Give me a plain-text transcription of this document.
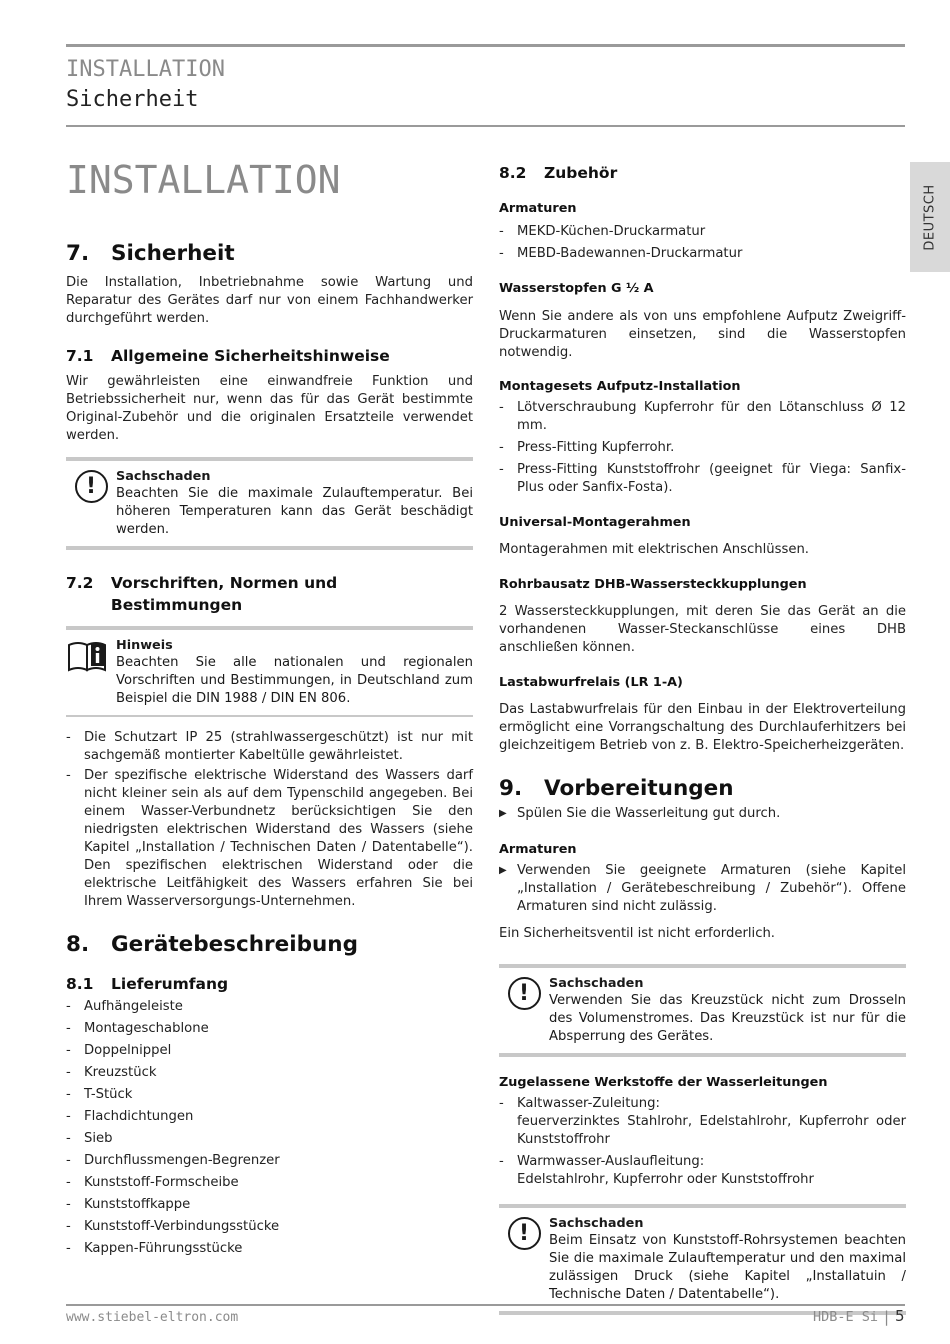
INSTALLATION
Sicherheit
DEUTSCH
INSTALLATION
7.	Sicherheit
Die Installation, Inbetriebnahme sowie Wartung und Reparatur des Gerätes darf nur von einem Fachhandwerker durchgeführt werden.
7.1	Allgemeine Sicherheitshinweise
Wir gewährleisten eine einwandfreie Funktion und Betriebssicherheit nur, wenn das für das Gerät bestimmte Original-Zubehör und die originalen Ersatzteile verwendet werden.
!	Sachschaden
Beachten Sie die maximale Zulauftemperatur. Bei höheren Temperaturen kann das Gerät beschädigt werden.
7.2	Vorschriften, Normen und Bestimmungen
Hinweis
Beachten Sie alle nationalen und regionalen Vorschriften und Bestimmungen, in Deutschland zum Beispiel die DIN 1988 / DIN EN 806.
-	Die Schutzart IP 25 (strahlwassergeschützt) ist nur mit sachgemäß montierter Kabeltülle gewährleistet.
-	Der spezifische elektrische Widerstand des Wassers darf nicht kleiner sein als auf dem Typenschild angegeben. Bei einem Wasser-Verbundnetz berücksichtigen Sie den niedrigsten elektrischen Widerstand des Wassers (siehe Kapitel „Installation / Technischen Daten / Datentabelle“). Den spezifischen elektrischen Widerstand oder die elektrische Leitfähigkeit des Wassers erfahren Sie bei Ihrem Wasserversorgungs-Unternehmen.
8.	Gerätebeschreibung
8.1	Lieferumfang
-	Aufhängeleiste
-	Montageschablone
-	Doppelnippel
-	Kreuzstück
-	T-Stück
-	Flachdichtungen
-	Sieb
-	Durchflussmengen-Begrenzer
-	Kunststoff-Formscheibe
-	Kunststoffkappe
-	Kunststoff-Verbindungsstücke
-	Kappen-Führungsstücke
8.2	Zubehör
Armaturen
-	MEKD-Küchen-Druckarmatur
-	MEBD-Badewannen-Druckarmatur
Wasserstopfen G ½ A
Wenn Sie andere als von uns empfohlene Aufputz Zweigriff-Druckarmaturen einsetzen, sind die Wasserstopfen notwendig.
Montagesets Aufputz-Installation
-	Lötverschraubung Kupferrohr für den Lötanschluss Ø 12 mm.
-	Press-Fitting Kupferrohr.
-	Press-Fitting Kunststoffrohr (geeignet für Viega: Sanfix-Plus oder Sanfix-Fosta).
Universal-Montagerahmen
Montagerahmen mit elektrischen Anschlüssen.
Rohrbausatz DHB-Wassersteckkupplungen
2 Wassersteckkupplungen, mit deren Sie das Gerät an die vorhandenen Wasser-Steckanschlüsse eines DHB anschließen können.
Lastabwurfrelais (LR 1-A)
Das Lastabwurfrelais für den Einbau in der Elektroverteilung ermöglicht eine Vorrangschaltung des Durchlauferhitzers bei gleichzeitigem Betrieb von z. B. Elektro-Speicherheizgeräten.
9.	Vorbereitungen
▶ Spülen Sie die Wasserleitung gut durch.
Armaturen
▶ Verwenden Sie geeignete Armaturen (siehe Kapitel „Installation / Gerätebeschreibung / Zubehör“). Offene Armaturen sind nicht zulässig.
Ein Sicherheitsventil ist nicht erforderlich.
!	Sachschaden
Verwenden Sie das Kreuzstück nicht zum Drosseln des Volumenstromes. Das Kreuzstück ist nur für die Absperrung des Gerätes.
Zugelassene Werkstoffe der Wasserleitungen
-	Kaltwasser-Zuleitung:
feuerverzinktes Stahlrohr, Edelstahlrohr, Kupferrohr oder Kunststoffrohr
-	Warmwasser-Auslaufleitung:
Edelstahlrohr, Kupferrohr oder Kunststoffrohr
!	Sachschaden
Beim Einsatz von Kunststoff-Rohrsystemen beachten Sie die maximale Zulauftemperatur und den maximal zulässigen Druck (siehe Kapitel „Installatuin / Technische Daten / Datentabelle“).
www.stiebel-eltron.com	HDB-E Si | 5
